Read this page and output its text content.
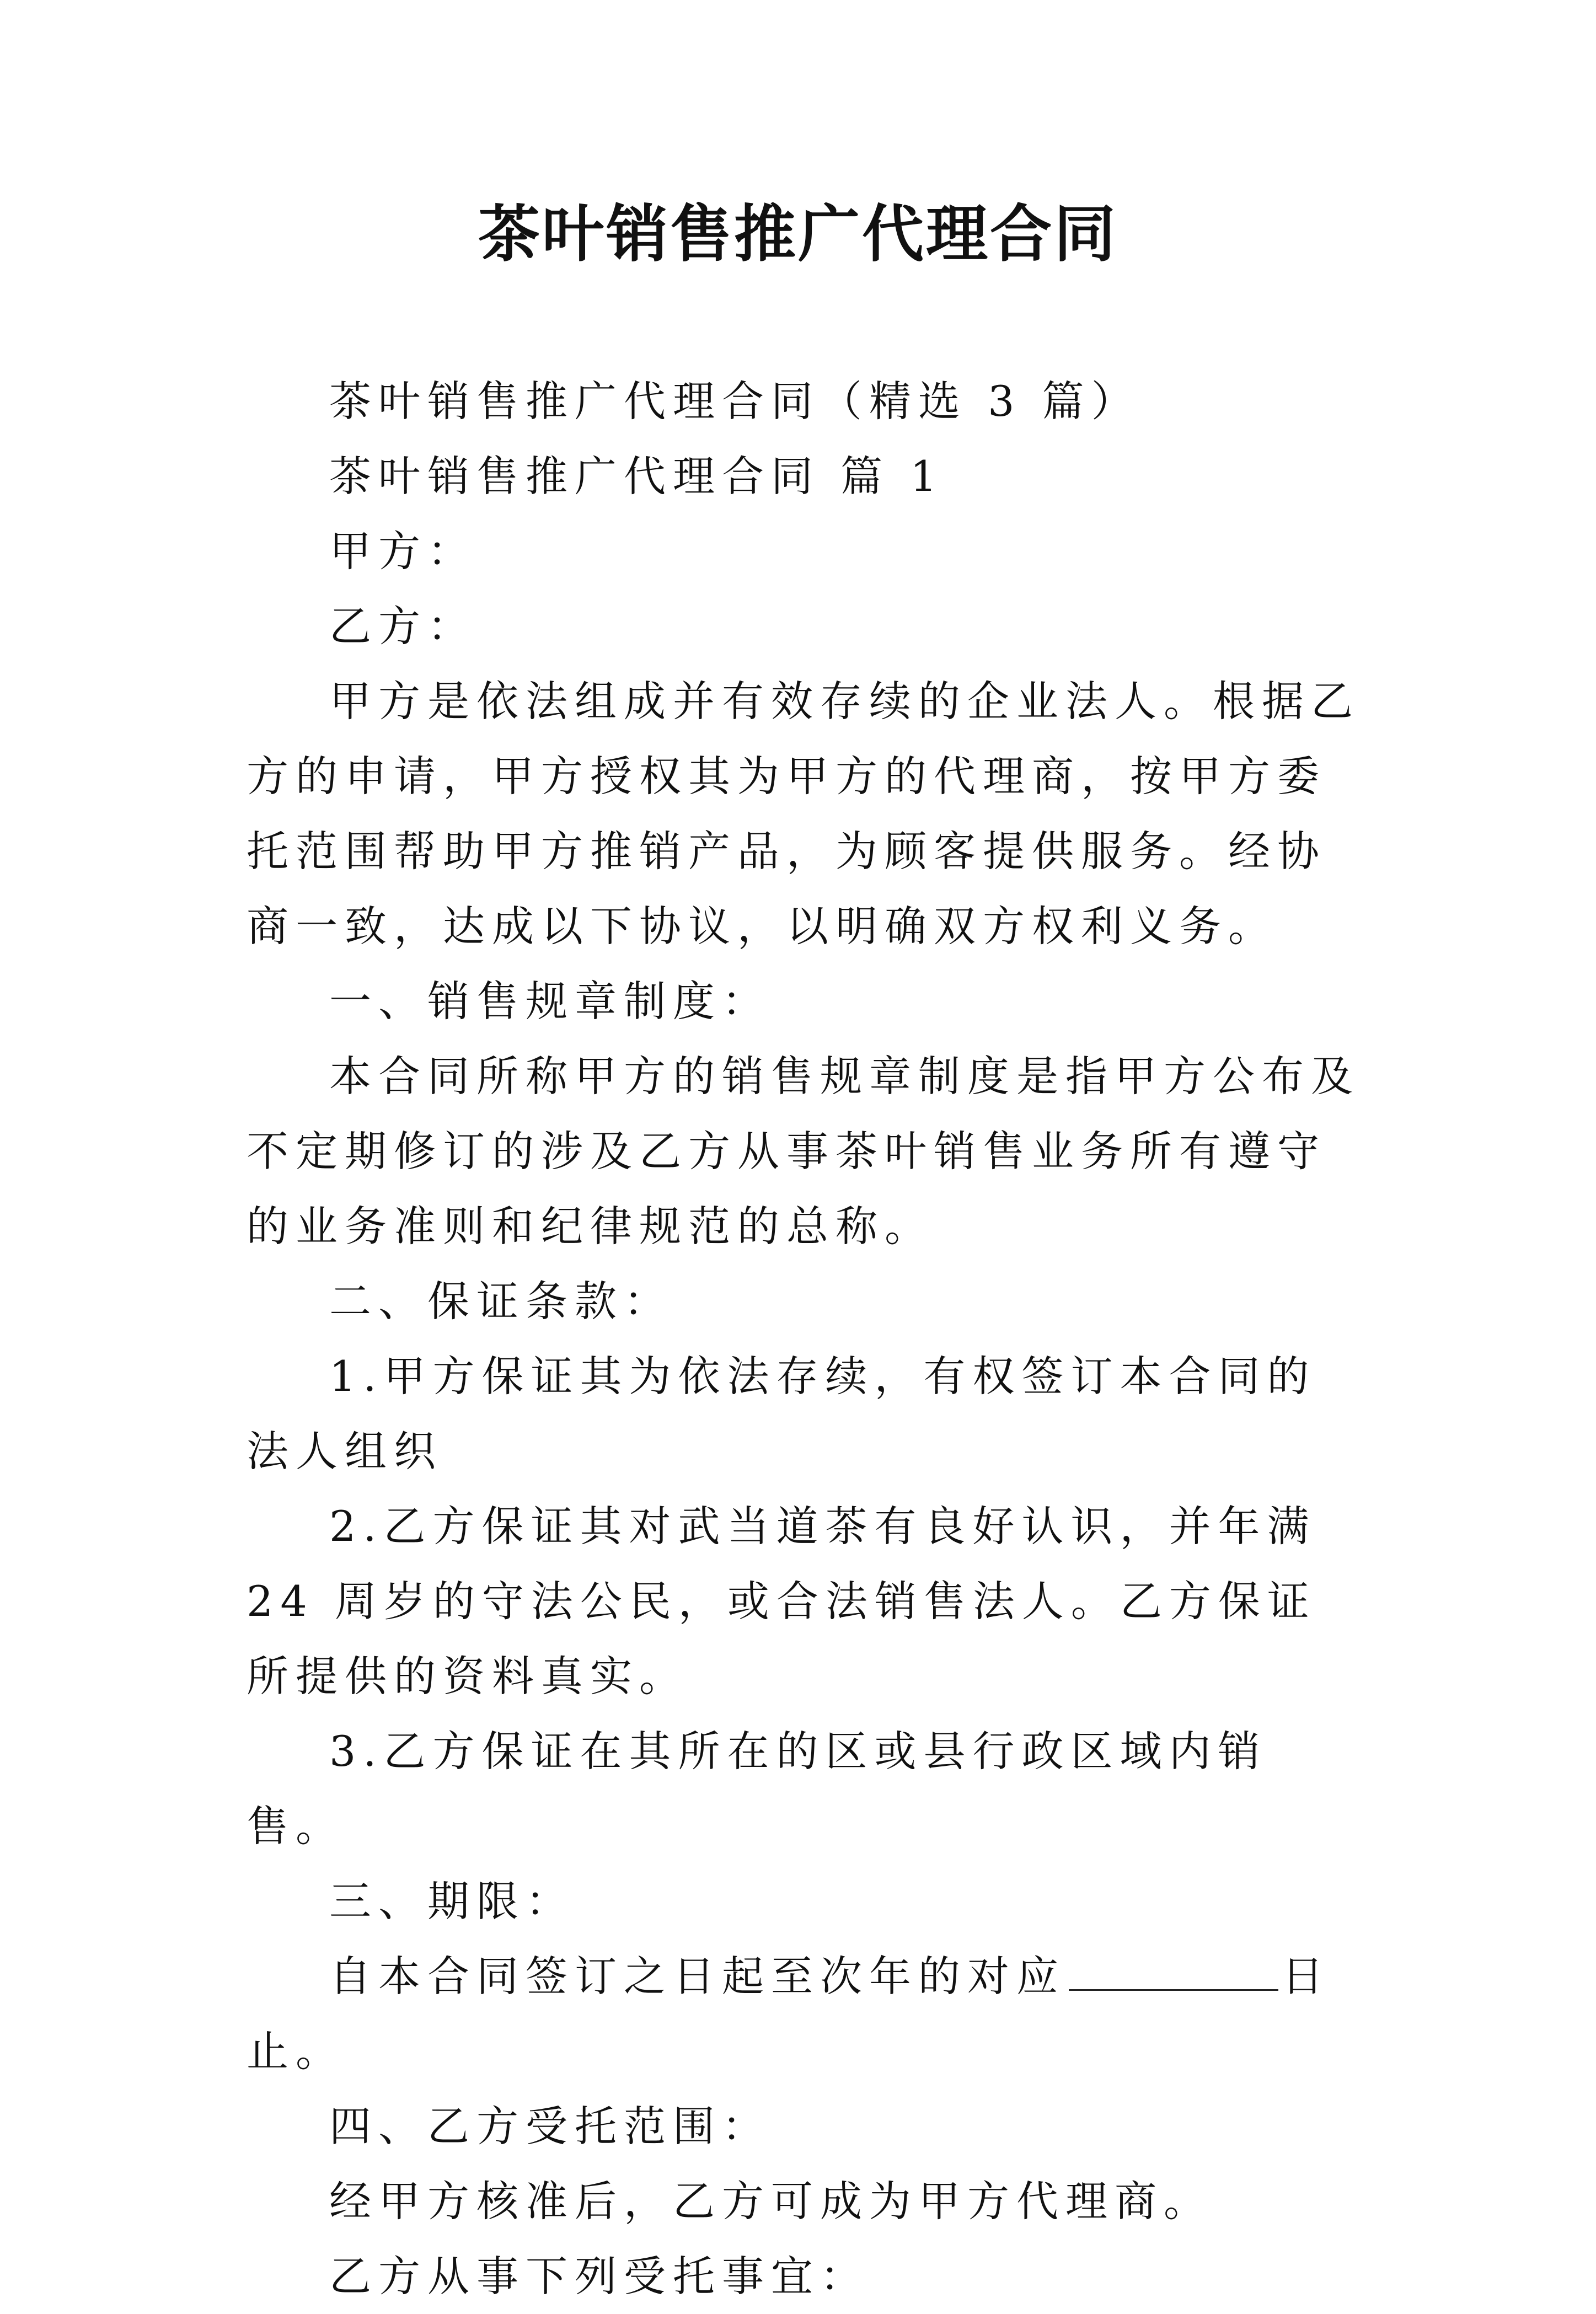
茶叶销售推广代理合同

茶叶销售推广代理合同（精选 3 篇）

茶叶销售推广代理合同 篇 1

甲方：

乙方：

甲方是依法组成并有效存续的企业法人。根据乙方的申请，甲方授权其为甲方的代理商，按甲方委托范围帮助甲方推销产品，为顾客提供服务。经协商一致，达成以下协议，以明确双方权利义务。

一、销售规章制度：

本合同所称甲方的销售规章制度是指甲方公布及不定期修订的涉及乙方从事茶叶销售业务所有遵守的业务准则和纪律规范的总称。

二、保证条款：

1.甲方保证其为依法存续，有权签订本合同的法人组织

2.乙方保证其对武当道茶有良好认识，并年满 24 周岁的守法公民，或合法销售法人。乙方保证所提供的资料真实。

3.乙方保证在其所在的区或县行政区域内销售。

三、期限：

自本合同签订之日起至次年的对应	日止。

四、乙方受托范围：

经甲方核准后，乙方可成为甲方代理商。

乙方从事下列受托事宜：
